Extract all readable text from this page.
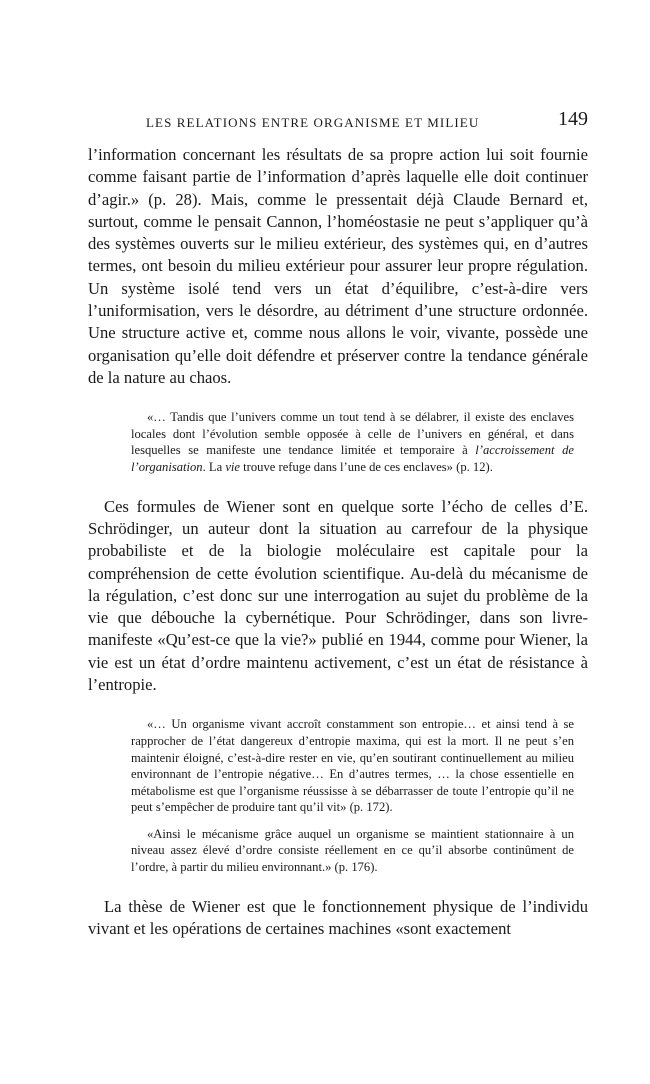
LES RELATIONS ENTRE ORGANISME ET MILIEU	149

l’information concernant les résultats de sa propre action lui soit fournie comme faisant partie de l’information d’après laquelle elle doit continuer d’agir.» (p. 28). Mais, comme le pressentait déjà Claude Bernard et, surtout, comme le pensait Cannon, l’homéostasie ne peut s’appliquer qu’à des systèmes ouverts sur le milieu extérieur, des systèmes qui, en d’autres termes, ont besoin du milieu extérieur pour assurer leur propre régulation. Un système isolé tend vers un état d’équilibre, c’est-à-dire vers l’uniformisation, vers le désordre, au détriment d’une structure ordonnée. Une structure active et, comme nous allons le voir, vivante, possède une organisation qu’elle doit défendre et préserver contre la tendance générale de la nature au chaos.

«… Tandis que l’univers comme un tout tend à se délabrer, il existe des enclaves locales dont l’évolution semble opposée à celle de l’univers en général, et dans lesquelles se manifeste une tendance limitée et temporaire à l’accroissement de l’organisation. La vie trouve refuge dans l’une de ces enclaves» (p. 12).

Ces formules de Wiener sont en quelque sorte l’écho de celles d’E. Schrödinger, un auteur dont la situation au carrefour de la physique probabiliste et de la biologie moléculaire est capitale pour la compréhension de cette évolution scientifique. Au-delà du mécanisme de la régulation, c’est donc sur une interrogation au sujet du problème de la vie que débouche la cybernétique. Pour Schrödinger, dans son livre-manifeste «Qu’est-ce que la vie?» publié en 1944, comme pour Wiener, la vie est un état d’ordre maintenu activement, c’est un état de résistance à l’entropie.

«… Un organisme vivant accroît constamment son entropie… et ainsi tend à se rapprocher de l’état dangereux d’entropie maxima, qui est la mort. Il ne peut s’en maintenir éloigné, c’est-à-dire rester en vie, qu’en soutirant continuellement au milieu environnant de l’entropie négative… En d’autres termes, … la chose essentielle en métabolisme est que l’organisme réussisse à se débarrasser de toute l’entropie qu’il ne peut s’empêcher de produire tant qu’il vit» (p. 172).

«Ainsi le mécanisme grâce auquel un organisme se maintient stationnaire à un niveau assez élevé d’ordre consiste réellement en ce qu’il absorbe continûment de l’ordre, à partir du milieu environnant.» (p. 176).

La thèse de Wiener est que le fonctionnement physique de l’individu vivant et les opérations de certaines machines «sont exactement
